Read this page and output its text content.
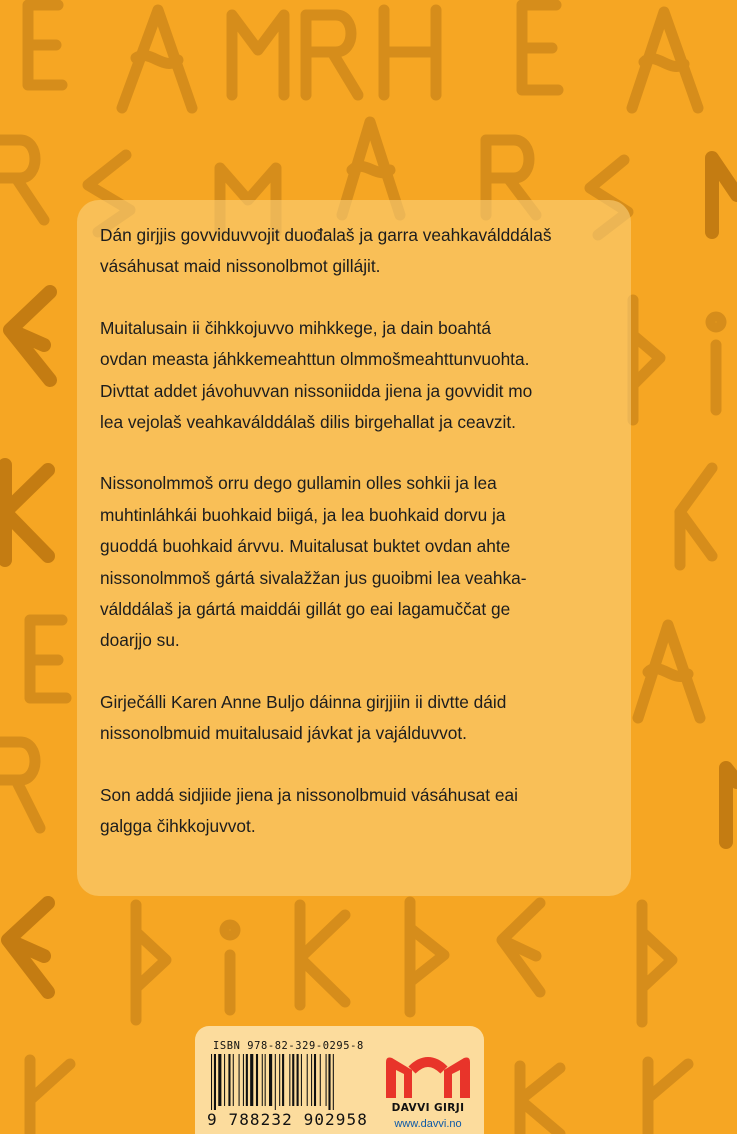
Dán girjjis govviduvvojit duođalaš ja garra veahkaválddálaš
vásáhusat maid nissonolbmot gillájit.

Muitalusain ii čihkkojuvvo mihkkege, ja dain boahtá
ovdan measta jáhkkemeahttun olmmošmeahttunvuohta.
Divttat addet jávohuvvan nissoniidda jiena ja govvidit mo
lea vejolaš veahkaválddálaš dilis birgehallat ja ceavzit.

Nissonolmmoš orru dego gullamin olles sohkii ja lea
muhtinláhkái buohkaid biigá, ja lea buohkaid dorvu ja
guoddá buohkaid árvvu. Muitalusat buktet ovdan ahte
nissonolmmoš gártá sivalažžan jus guoibmi lea veahka-
válddálaš ja gártá maiddái gillát go eai lagamuččat ge
doarjjo su.

Girječálli Karen Anne Buljo dáinna girjjiin ii divtte dáid
nissonolbmuid muitalusaid jávkat ja vajálduvvot.

Son addá sidjiide jiena ja nissonolbmuid vásáhusat eai
galgga čihkkojuvvot.

ISBN 978-82-329-0295-8
9 788232 902958
DAVVI GIRJI
www.davvi.no
